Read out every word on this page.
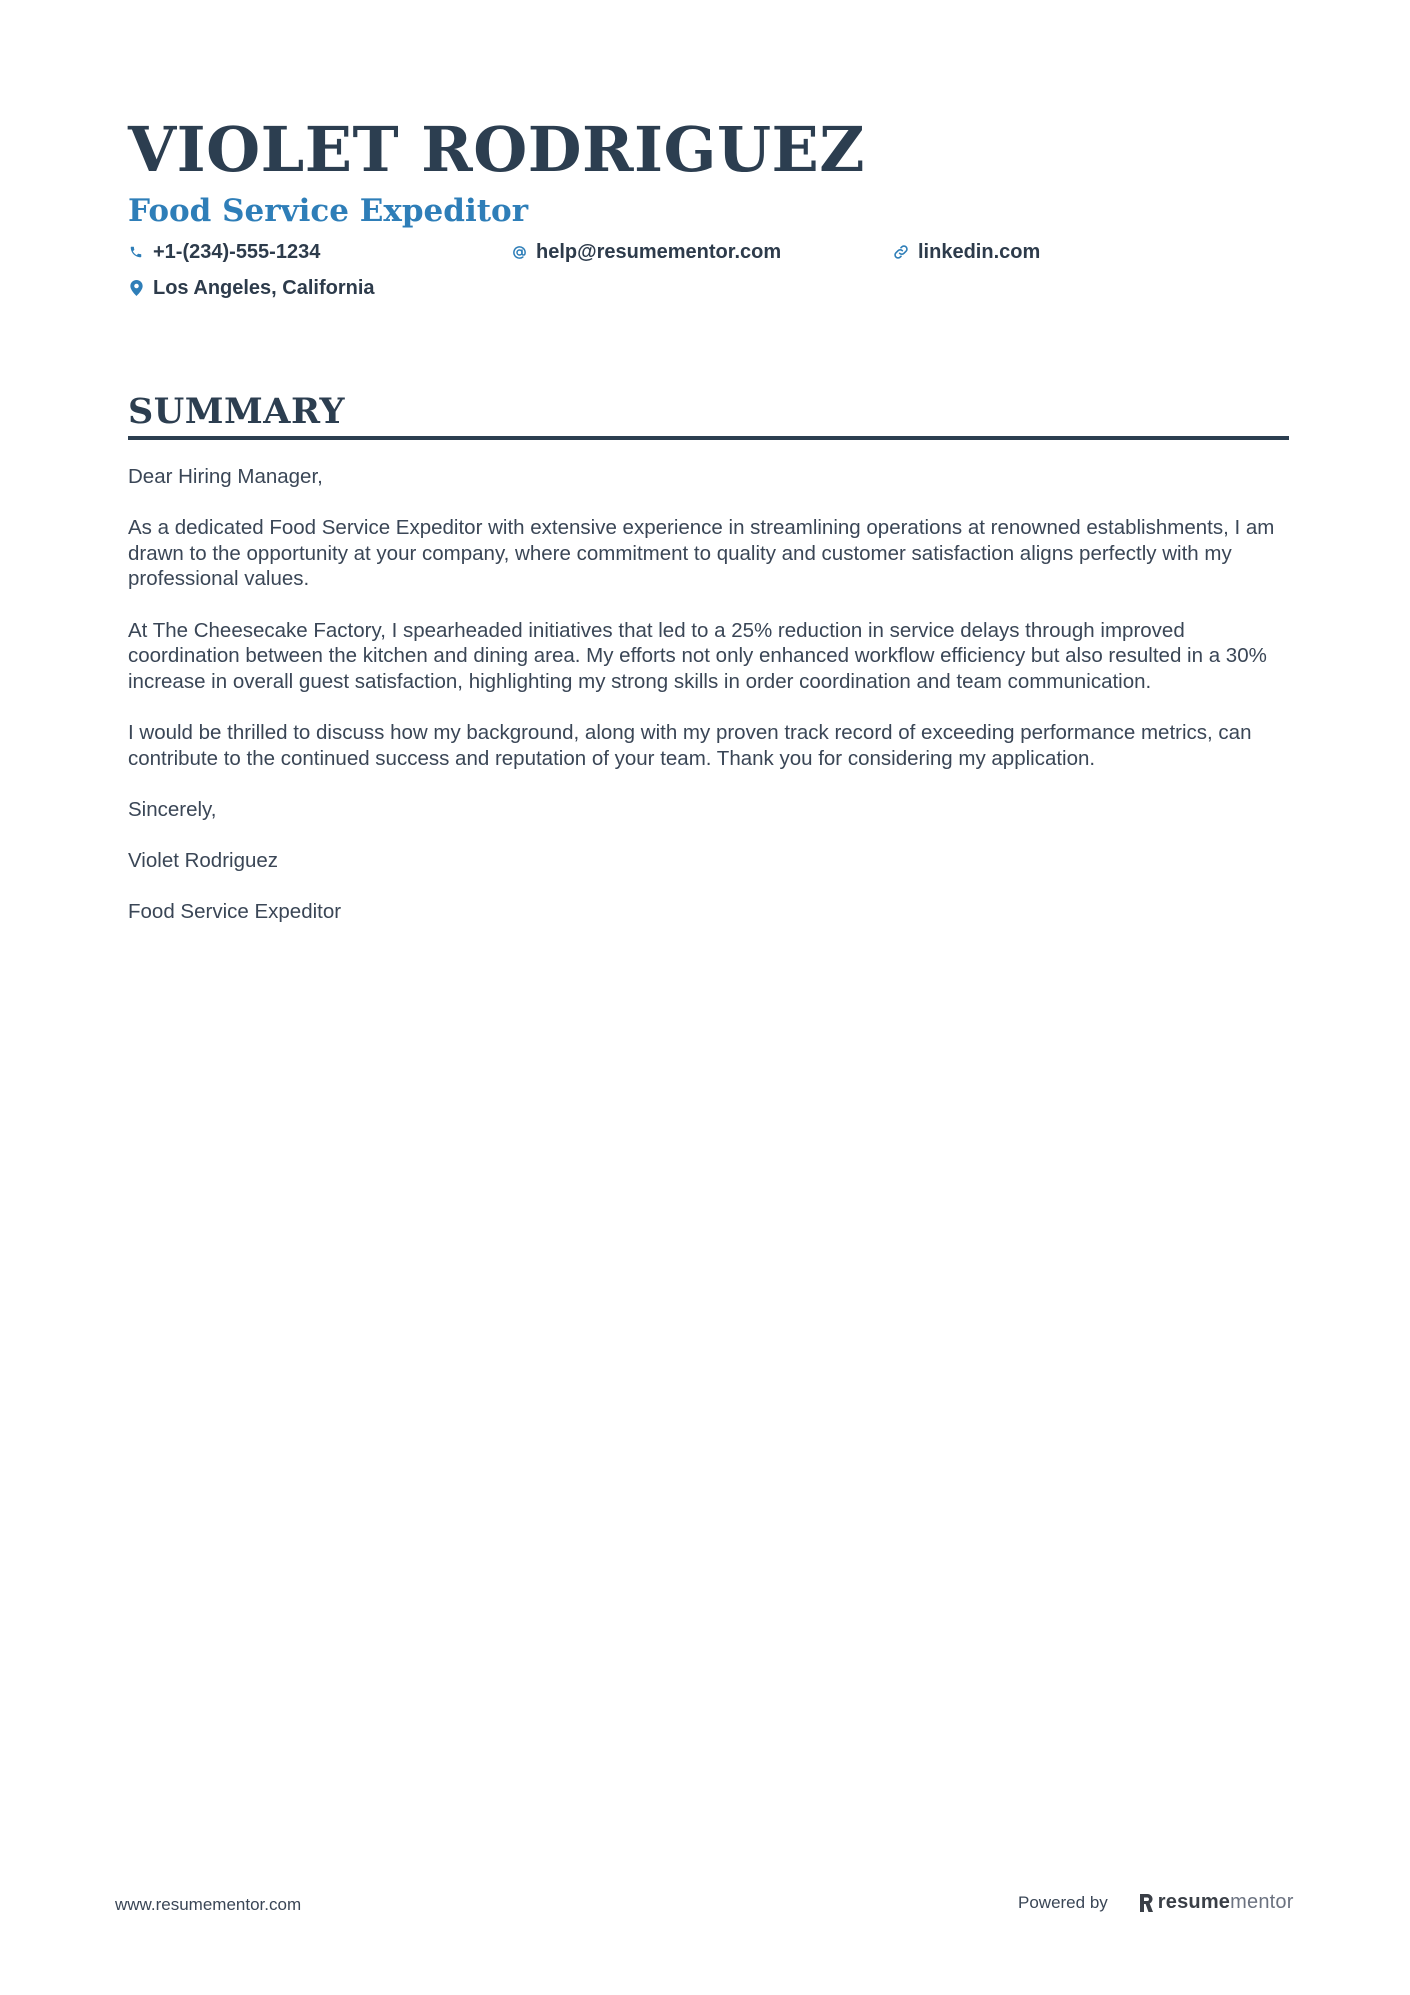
VIOLET RODRIGUEZ
Food Service Expeditor
+1-(234)-555-1234	help@resumementor.com	linkedin.com
Los Angeles, California
SUMMARY

Dear Hiring Manager,

As a dedicated Food Service Expeditor with extensive experience in streamlining operations at renowned establishments, I am drawn to the opportunity at your company, where commitment to quality and customer satisfaction aligns perfectly with my professional values.

At The Cheesecake Factory, I spearheaded initiatives that led to a 25% reduction in service delays through improved coordination between the kitchen and dining area. My efforts not only enhanced workflow efficiency but also resulted in a 30% increase in overall guest satisfaction, highlighting my strong skills in order coordination and team communication.

I would be thrilled to discuss how my background, along with my proven track record of exceeding performance metrics, can contribute to the continued success and reputation of your team. Thank you for considering my application.

Sincerely,

Violet Rodriguez

Food Service Expeditor

www.resumementor.com	Powered by	resume mentor
